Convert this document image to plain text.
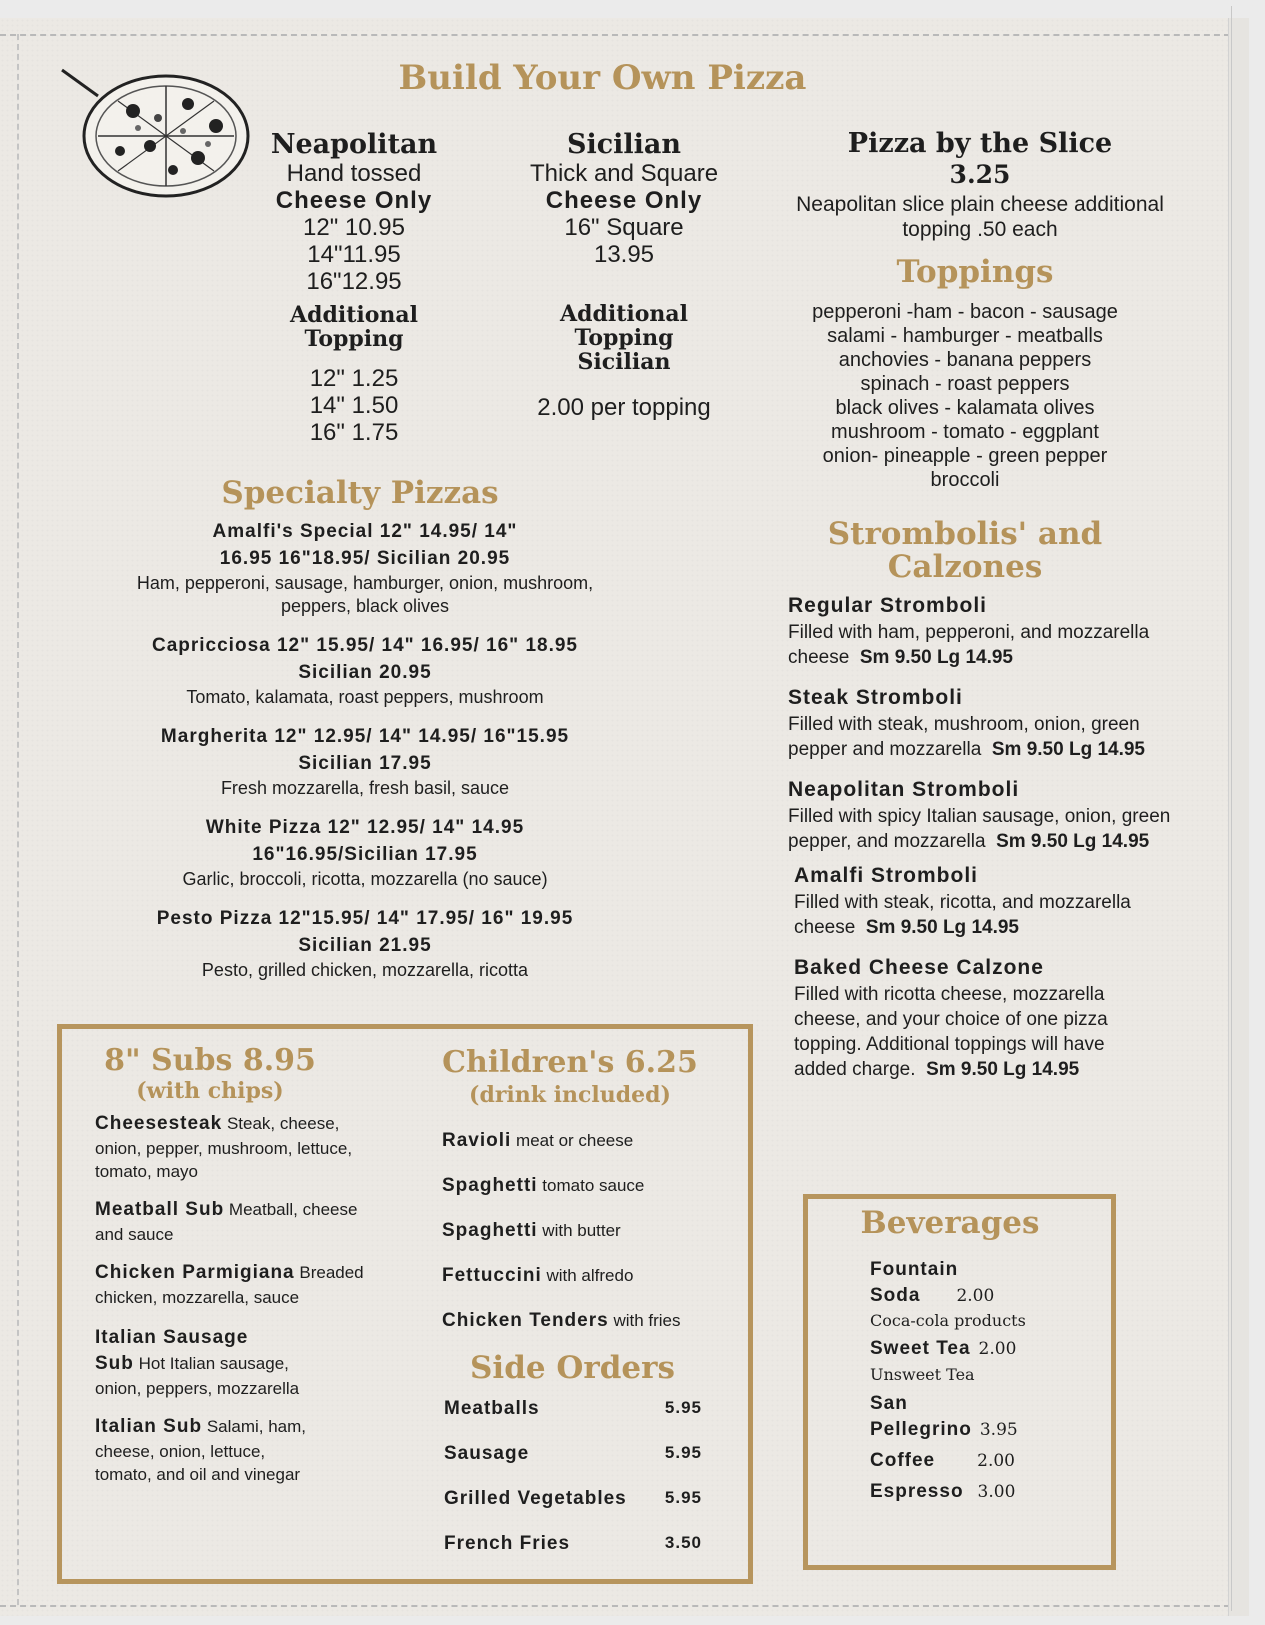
Build Your Own Pizza
Neapolitan
Hand tossed
Cheese Only
12" 10.95
14"11.95
16"12.95
Additional
Topping
12" 1.25
14" 1.50
16" 1.75
Sicilian
Thick and Square
Cheese Only
16" Square
13.95
Additional
Topping
Sicilian
2.00 per topping
Pizza by the Slice
3.25
Neapolitan slice plain cheese additional
topping .50 each
Toppings
pepperoni -ham - bacon - sausage
salami - hamburger - meatballs
anchovies - banana peppers
spinach - roast peppers
black olives - kalamata olives
mushroom - tomato - eggplant
onion- pineapple - green pepper
broccoli
Specialty Pizzas
Amalfi's Special 12" 14.95/ 14"
16.95 16"18.95/ Sicilian 20.95
Ham, pepperoni, sausage, hamburger, onion, mushroom,
peppers, black olives
Capricciosa 12" 15.95/ 14" 16.95/ 16" 18.95
Sicilian 20.95
Tomato, kalamata, roast peppers, mushroom
Margherita 12" 12.95/ 14" 14.95/ 16"15.95
Sicilian 17.95
Fresh mozzarella, fresh basil, sauce
White Pizza 12" 12.95/ 14" 14.95
16"16.95/Sicilian 17.95
Garlic, broccoli, ricotta, mozzarella (no sauce)
Pesto Pizza 12"15.95/ 14" 17.95/ 16" 19.95
Sicilian 21.95
Pesto, grilled chicken, mozzarella, ricotta
Strombolis' and
Calzones
Regular Stromboli
Filled with ham, pepperoni, and mozzarella
cheese Sm 9.50 Lg 14.95
Steak Stromboli
Filled with steak, mushroom, onion, green
pepper and mozzarella Sm 9.50 Lg 14.95
Neapolitan Stromboli
Filled with spicy Italian sausage, onion, green
pepper, and mozzarella Sm 9.50 Lg 14.95
Amalfi Stromboli
Filled with steak, ricotta, and mozzarella
cheese Sm 9.50 Lg 14.95
Baked Cheese Calzone
Filled with ricotta cheese, mozzarella
cheese, and your choice of one pizza
topping. Additional toppings will have
added charge. Sm 9.50 Lg 14.95
8" Subs 8.95
(with chips)
Cheesesteak Steak, cheese,
onion, pepper, mushroom, lettuce,
tomato, mayo
Meatball Sub Meatball, cheese
and sauce
Chicken Parmigiana Breaded
chicken, mozzarella, sauce
Italian Sausage
Sub Hot Italian sausage,
onion, peppers, mozzarella
Italian Sub Salami, ham,
cheese, onion, lettuce,
tomato, and oil and vinegar
Children's 6.25
(drink included)
Ravioli meat or cheese
Spaghetti tomato sauce
Spaghetti with butter
Fettuccini with alfredo
Chicken Tenders with fries
Side Orders
Meatballs	5.95
Sausage	5.95
Grilled Vegetables 5.95
French Fries	3.50
Beverages
Fountain
Soda 2.00
Coca-cola products
Sweet Tea 2.00
Unsweet Tea
San
Pellegrino 3.95
Coffee 2.00
Espresso 3.00
